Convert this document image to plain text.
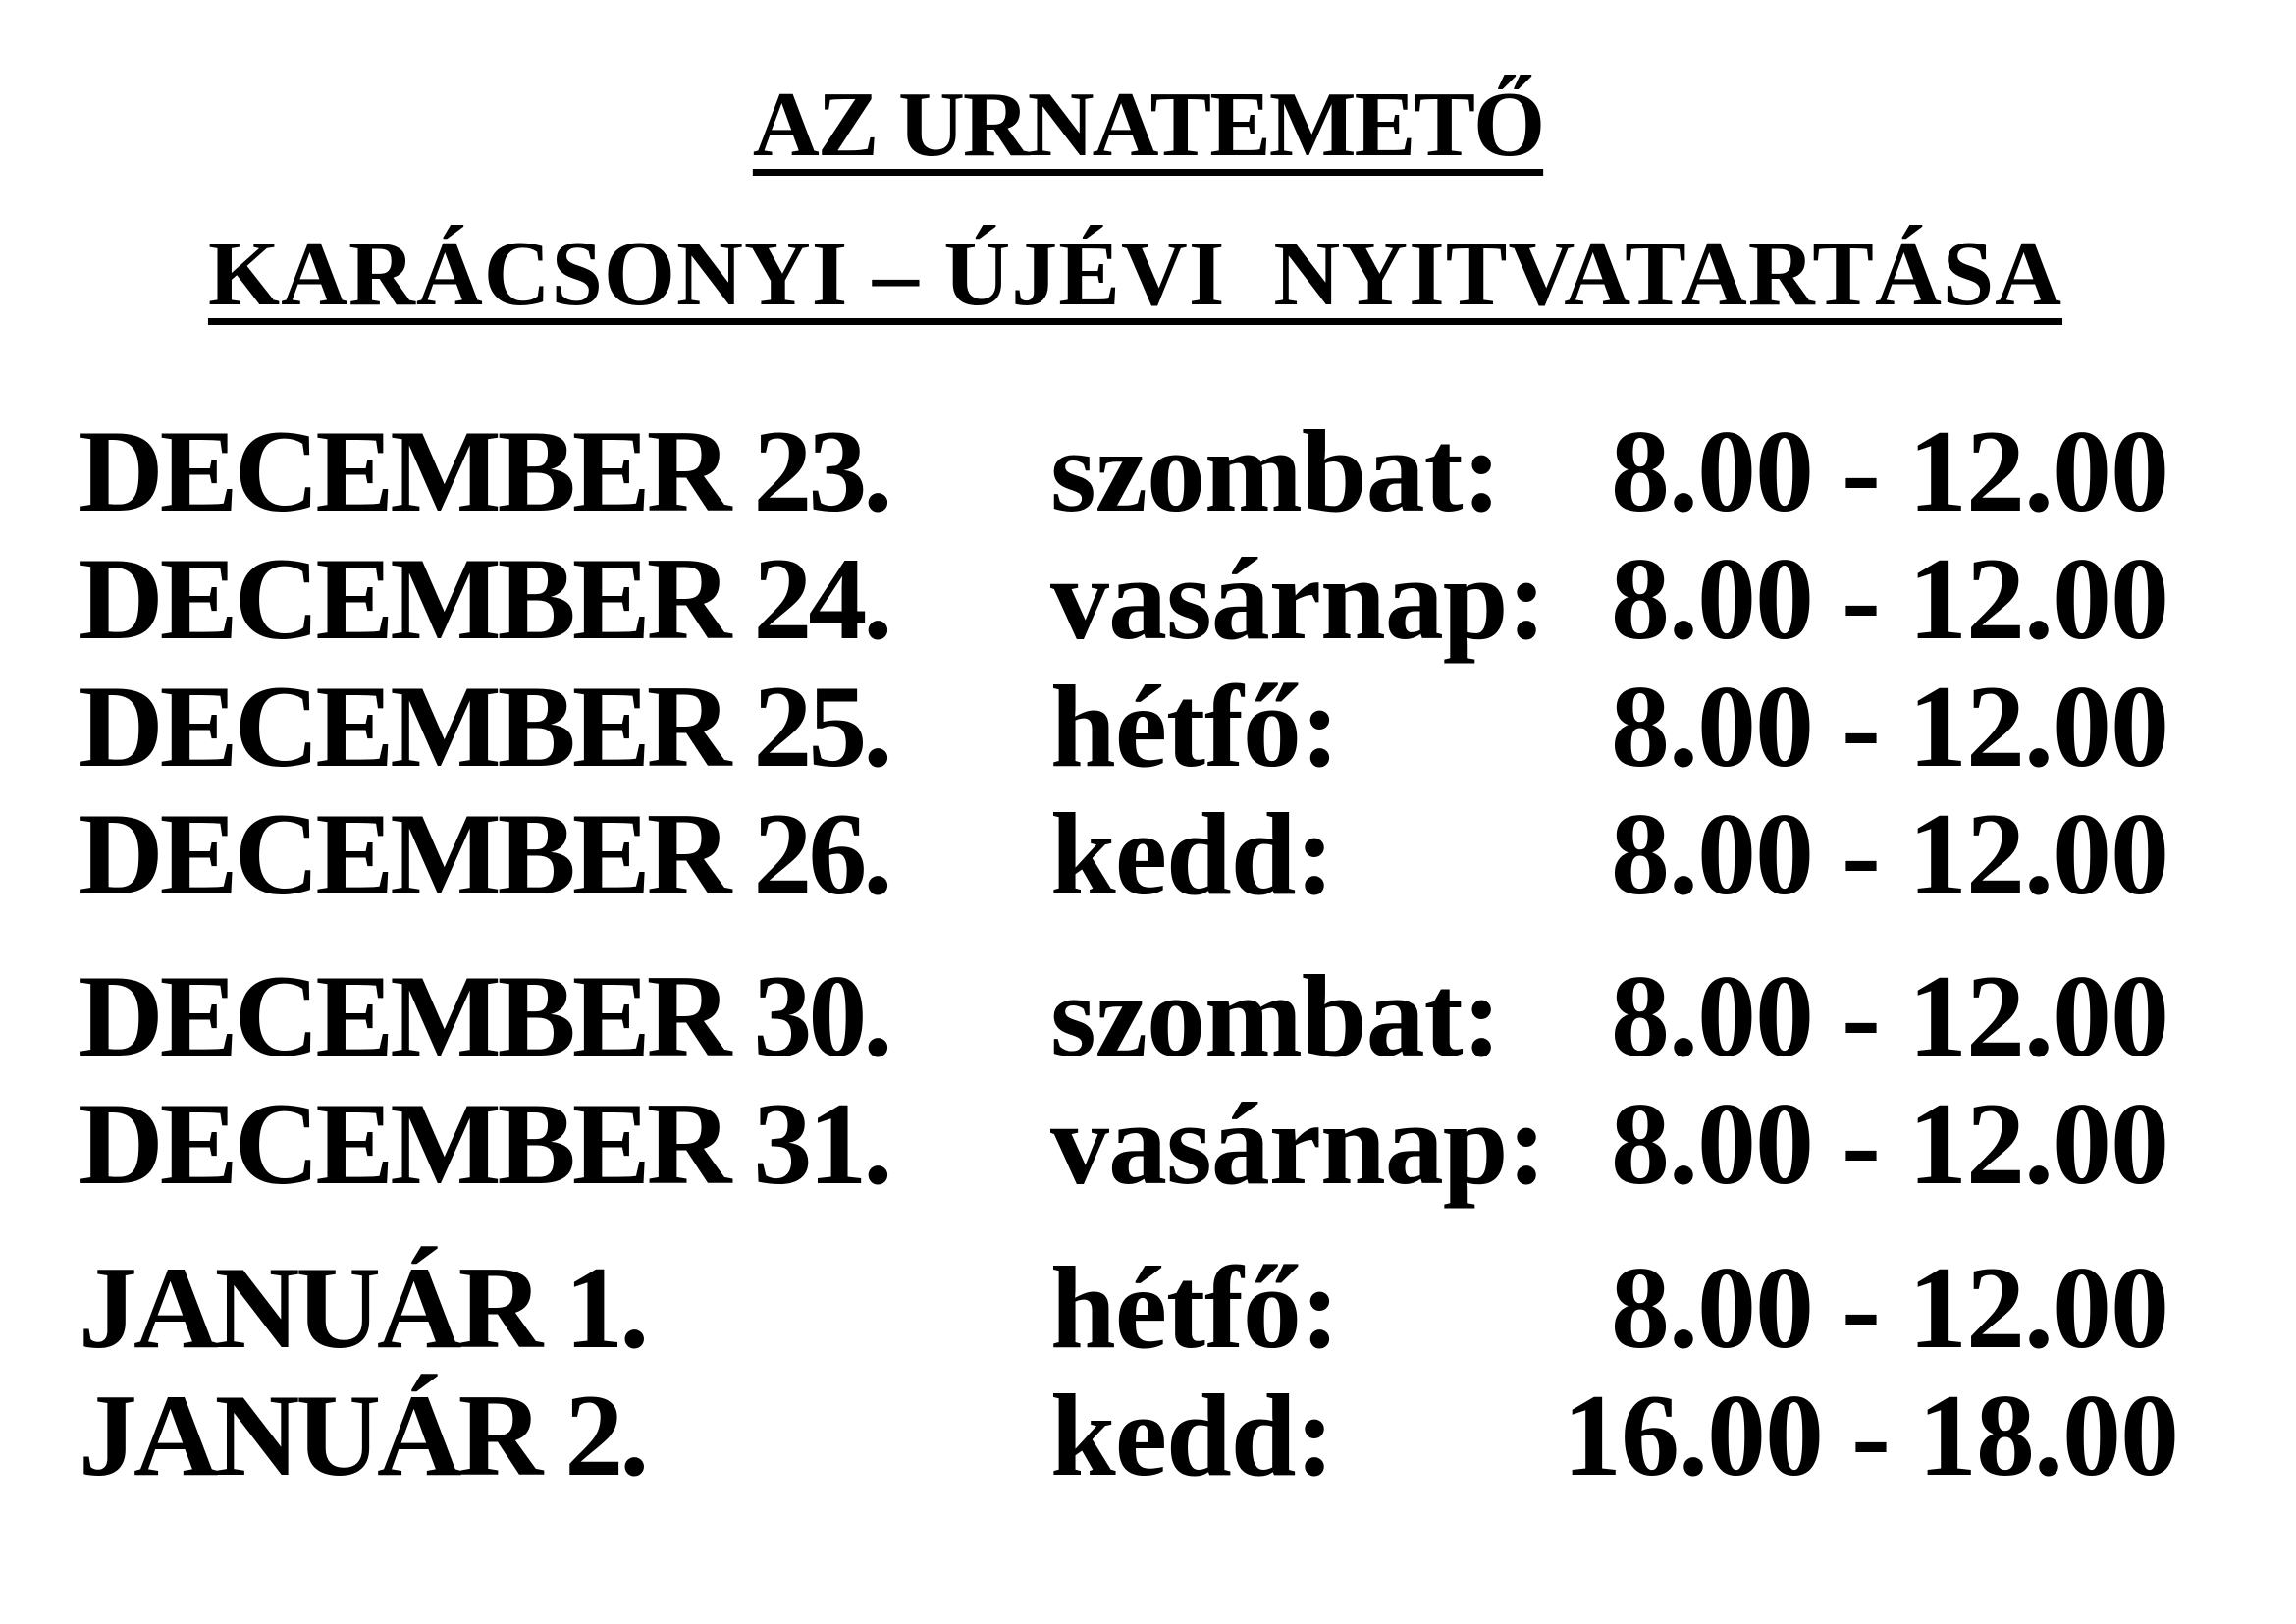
AZ URNATEMETŐ
KARÁCSONYI – ÚJÉVI  NYITVATARTÁSA
DECEMBER 23. szombat: 8.00 - 12.00
DECEMBER 24. vasárnap: 8.00 - 12.00
DECEMBER 25. hétfő: 8.00 - 12.00
DECEMBER 26. kedd: 8.00 - 12.00
DECEMBER 30. szombat: 8.00 - 12.00
DECEMBER 31. vasárnap: 8.00 - 12.00
JANUÁR 1.	hétfő: 8.00 - 12.00
JANUÁR 2.	kedd: 16.00 - 18.00
